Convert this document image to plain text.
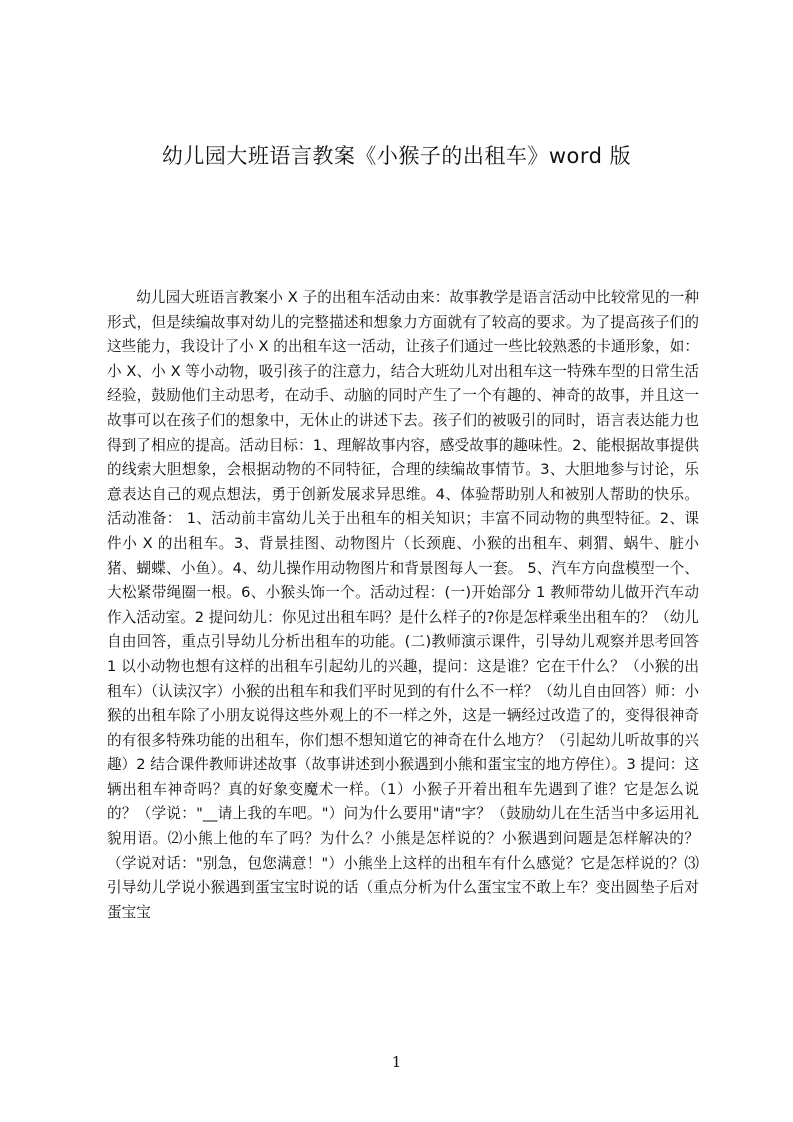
幼儿园大班语言教案《小猴子的出租车》word 版
幼儿园大班语言教案小 X 子的出租车活动由来：故事教学是语言活动中比较常见的一种形式，但是续编故事对幼儿的完整描述和想象力方面就有了较高的要求。为了提高孩子们的这些能力，我设计了小 X 的出租车这一活动，让孩子们通过一些比较熟悉的卡通形象，如：小 X、小 X 等小动物，吸引孩子的注意力，结合大班幼儿对出租车这一特殊车型的日常生活经验，鼓励他们主动思考，在动手、动脑的同时产生了一个有趣的、神奇的故事，并且这一故事可以在孩子们的想象中，无休止的讲述下去。孩子们的被吸引的同时，语言表达能力也得到了相应的提高。活动目标：1、理解故事内容，感受故事的趣味性。2、能根据故事提供的线索大胆想象，会根据动物的不同特征，合理的续编故事情节。3、大胆地参与讨论，乐意表达自己的观点想法，勇于创新发展求异思维。4、体验帮助别人和被别人帮助的快乐。活动准备： 1、活动前丰富幼儿关于出租车的相关知识；丰富不同动物的典型特征。2、课件小 X 的出租车。3、背景挂图、动物图片（长颈鹿、小猴的出租车、刺猬、蜗牛、脏小猪、蝴蝶、小鱼）。4、幼儿操作用动物图片和背景图每人一套。 5、汽车方向盘模型一个、大松紧带绳圈一根。6、小猴头饰一个。活动过程：(一)开始部分 1 教师带幼儿做开汽车动作入活动室。2 提问幼儿：你见过出租车吗？是什么样子的?你是怎样乘坐出租车的？（幼儿自由回答，重点引导幼儿分析出租车的功能。(二)教师演示课件，引导幼儿观察并思考回答 1 以小动物也想有这样的出租车引起幼儿的兴趣，提问：这是谁？它在干什么？（小猴的出租车）（认读汉字）小猴的出租车和我们平时见到的有什么不一样？（幼儿自由回答）师：小猴的出租车除了小朋友说得这些外观上的不一样之外，这是一辆经过改造了的，变得很神奇的有很多特殊功能的出租车，你们想不想知道它的神奇在什么地方？（引起幼儿听故事的兴趣）2 结合课件教师讲述故事（故事讲述到小猴遇到小熊和蛋宝宝的地方停住）。3 提问：这辆出租车神奇吗？真的好象变魔术一样。（1）小猴子开着出租车先遇到了谁？它是怎么说的？（学说："__请上我的车吧。"）问为什么要用"请"字？（鼓励幼儿在生活当中多运用礼貌用语。⑵小熊上他的车了吗？为什么？小熊是怎样说的？小猴遇到问题是怎样解决的？（学说对话："别急，包您满意！"）小熊坐上这样的出租车有什么感觉？它是怎样说的？⑶引导幼儿学说小猴遇到蛋宝宝时说的话（重点分析为什么蛋宝宝不敢上车？变出圆垫子后对蛋宝宝
1
